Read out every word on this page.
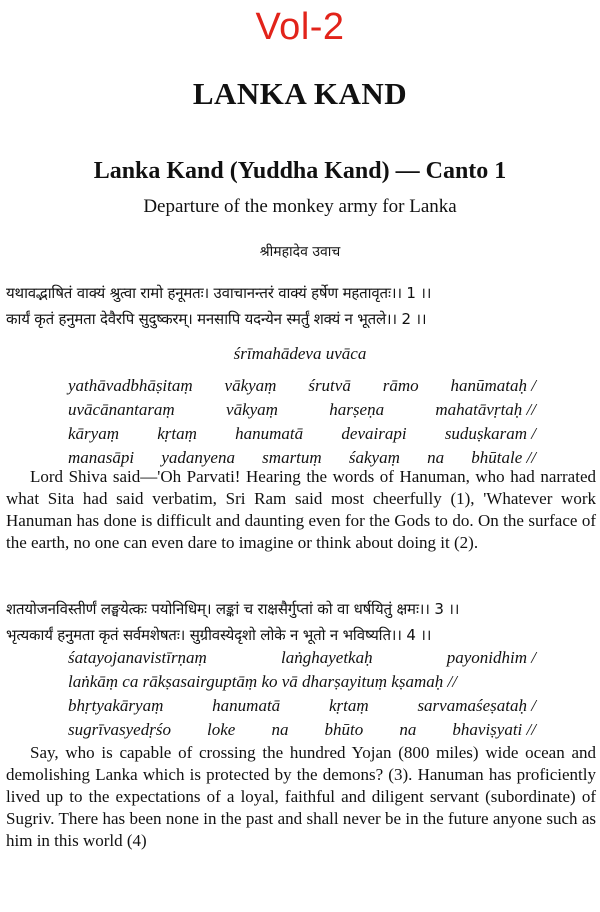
Vol-2
LANKA KAND
Lanka Kand (Yuddha Kand) — Canto 1
Departure of the monkey army for Lanka
श्रीमहादेव उवाच
यथावद्भाषितं वाक्यं श्रुत्वा रामो हनूमतः। उवाचानन्तरं वाक्यं हर्षेण महतावृतः।। 1 ।।
कार्यं कृतं हनुमता देवैरपि सुदुष्करम्। मनसापि यदन्येन स्मर्तुं शक्यं न भूतले।। 2 ।।
śrīmahādeva uvāca
yathāvadbhāṣitaṃ vākyaṃ śrutvā rāmo hanūmataḥ /
uvācānantaraṃ	vākyaṃ	harṣeṇa	mahatāvṛtaḥ //
kāryaṃ kṛtaṃ hanumatā devairapi suduṣkaram /
manasāpi yadanyena smartuṃ śakyaṃ na bhūtale //

Lord Shiva said—'Oh Parvati! Hearing the words of Hanuman, who had narrated what Sita had said verbatim, Sri Ram said most cheerfully (1), 'Whatever work Hanuman has done is difficult and daunting even for the Gods to do. On the surface of the earth, no one can even dare to imagine or think about doing it (2).

शतयोजनविस्तीर्णं लङ्घयेत्कः पयोनिधिम्। लङ्कां च राक्षसैर्गुप्तां को वा धर्षयितुं क्षमः।। 3 ।।
भृत्यकार्यं हनुमता कृतं सर्वमशेषतः। सुग्रीवस्येदृशो लोके न भूतो न भविष्यति।। 4 ।।
śatayojanavistīrṇaṃ	laṅghayetkaḥ	payonidhim /
laṅkāṃ ca rākṣasairguptāṃ ko vā dharṣayituṃ kṣamaḥ //
bhṛtyakāryaṃ	hanumatā	kṛtaṃ	sarvamaśeṣataḥ /
sugrīvasyedṛśo loke na bhūto na bhaviṣyati //

Say, who is capable of crossing the hundred Yojan (800 miles) wide ocean and demolishing Lanka which is protected by the demons? (3). Hanuman has proficiently lived up to the expectations of a loyal, faithful and diligent servant (subordinate) of Sugriv. There has been none in the past and shall never be in the future anyone such as him in this world (4)
